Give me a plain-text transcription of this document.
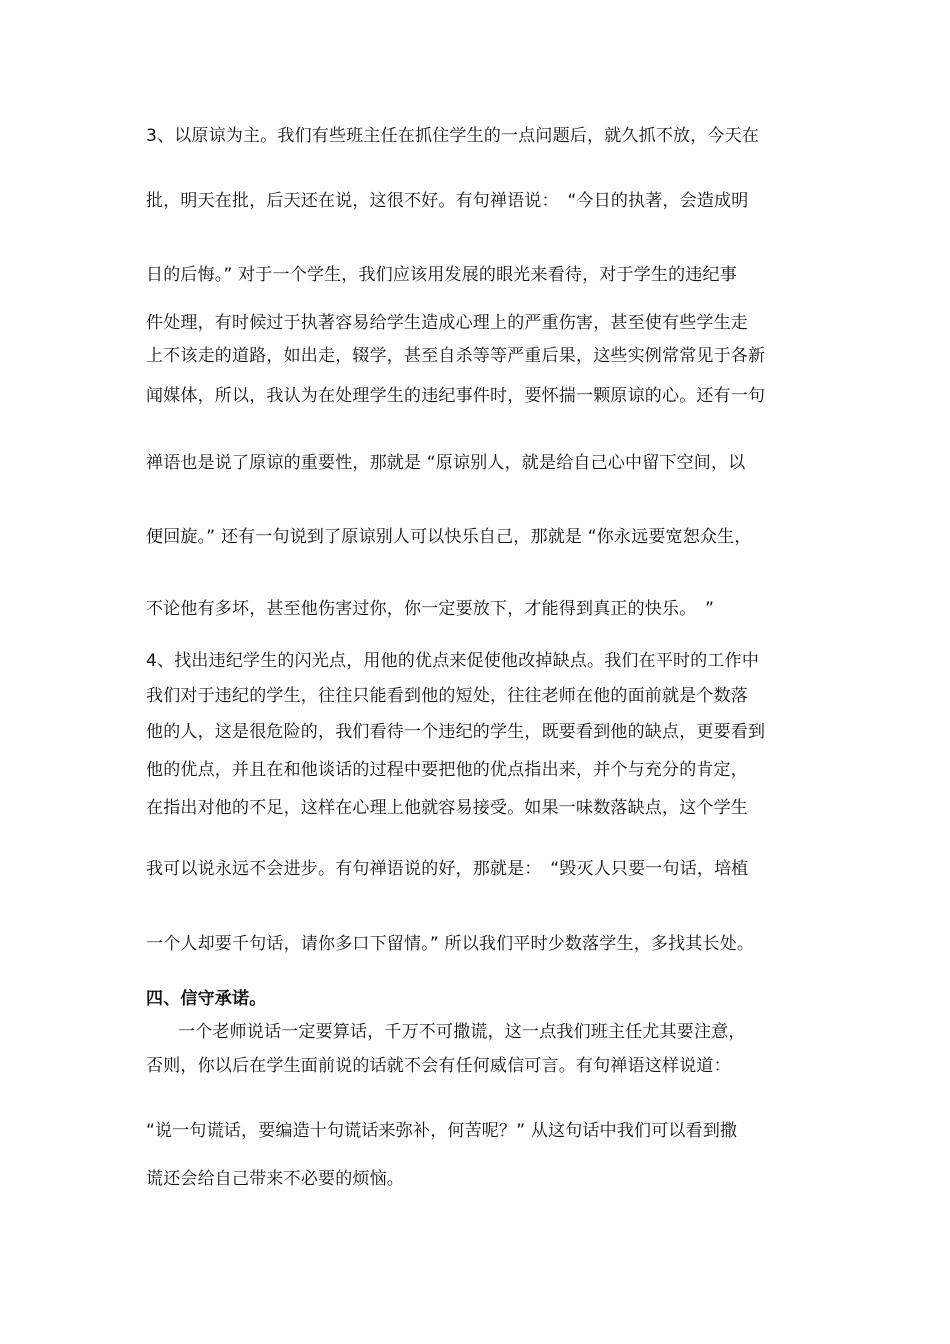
3、以原谅为主。我们有些班主任在抓住学生的一点问题后，就久抓不放，今天在
批，明天在批，后天还在说，这很不好。有句禅语说：　“今日的执著，会造成明
日的后悔。” 对于一个学生，我们应该用发展的眼光来看待，对于学生的违纪事
件处理，有时候过于执著容易给学生造成心理上的严重伤害，甚至使有些学生走
上不该走的道路，如出走，辍学，甚至自杀等等严重后果，这些实例常常见于各新
闻媒体，所以，我认为在处理学生的违纪事件时，要怀揣一颗原谅的心。还有一句
禅语也是说了原谅的重要性，那就是 “原谅别人，就是给自己心中留下空间，以
便回旋。” 还有一句说到了原谅别人可以快乐自己，那就是 “你永远要宽恕众生，
不论他有多坏，甚至他伤害过你，你一定要放下，才能得到真正的快乐。　”
4、找出违纪学生的闪光点，用他的优点来促使他改掉缺点。我们在平时的工作中
我们对于违纪的学生，往往只能看到他的短处，往往老师在他的面前就是个数落
他的人，这是很危险的，我们看待一个违纪的学生，既要看到他的缺点，更要看到
他的优点，并且在和他谈话的过程中要把他的优点指出来，并个与充分的肯定，
在指出对他的不足，这样在心理上他就容易接受。如果一味数落缺点，这个学生
我可以说永远不会进步。有句禅语说的好，那就是：　“毁灭人只要一句话，培植
一个人却要千句话，请你多口下留情。” 所以我们平时少数落学生，多找其长处。
四、信守承诺。
一个老师说话一定要算话，千万不可撒谎，这一点我们班主任尤其要注意，
否则，你以后在学生面前说的话就不会有任何威信可言。有句禅语这样说道：
“说一句谎话，要编造十句谎话来弥补，何苦呢？” 从这句话中我们可以看到撒
谎还会给自己带来不必要的烦恼。
